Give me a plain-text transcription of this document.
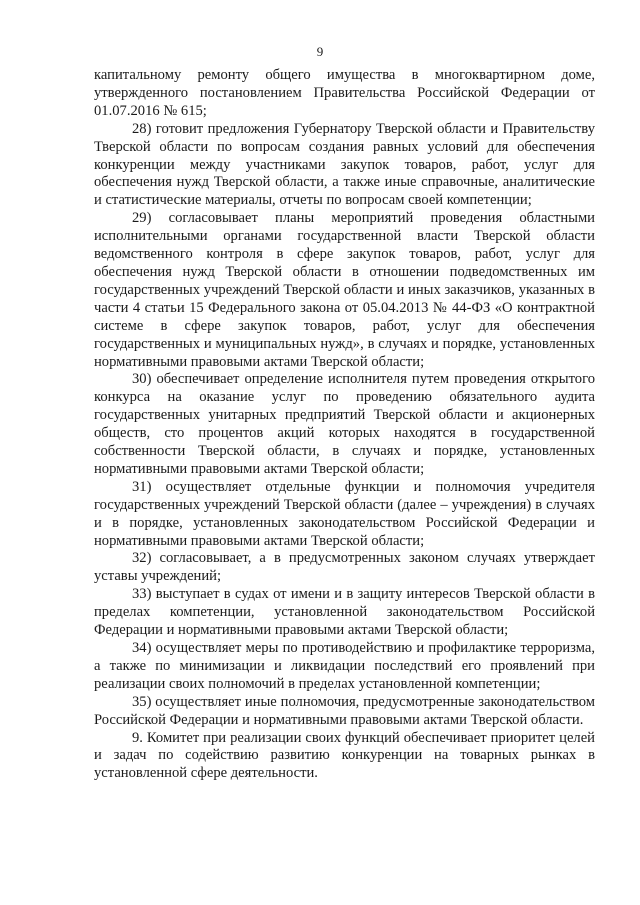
9

капитальному ремонту общего имущества в многоквартирном доме, утвержденного постановлением Правительства Российской Федерации от 01.07.2016 № 615;

28) готовит предложения Губернатору Тверской области и Правительству Тверской области по вопросам создания равных условий для обеспечения конкуренции между участниками закупок товаров, работ, услуг для обеспечения нужд Тверской области, а также иные справочные, аналитические и статистические материалы, отчеты по вопросам своей компетенции;

29) согласовывает планы мероприятий проведения областными исполнительными органами государственной власти Тверской области ведомственного контроля в сфере закупок товаров, работ, услуг для обеспечения нужд Тверской области в отношении подведомственных им государственных учреждений Тверской области и иных заказчиков, указанных в части 4 статьи 15 Федерального закона от 05.04.2013 № 44-ФЗ «О контрактной системе в сфере закупок товаров, работ, услуг для обеспечения государственных и муниципальных нужд», в случаях и порядке, установленных нормативными правовыми актами Тверской области;

30) обеспечивает определение исполнителя путем проведения открытого конкурса на оказание услуг по проведению обязательного аудита государственных унитарных предприятий Тверской области и акционерных обществ, сто процентов акций которых находятся в государственной собственности Тверской области, в случаях и порядке, установленных нормативными правовыми актами Тверской области;

31) осуществляет отдельные функции и полномочия учредителя государственных учреждений Тверской области (далее – учреждения) в случаях и в порядке, установленных законодательством Российской Федерации и нормативными правовыми актами Тверской области;

32) согласовывает, а в предусмотренных законом случаях утверждает уставы учреждений;

33) выступает в судах от имени и в защиту интересов Тверской области в пределах компетенции, установленной законодательством Российской Федерации и нормативными правовыми актами Тверской области;

34) осуществляет меры по противодействию и профилактике терроризма, а также по минимизации и ликвидации последствий его проявлений при реализации своих полномочий в пределах установленной компетенции;

35) осуществляет иные полномочия, предусмотренные законодательством Российской Федерации и нормативными правовыми актами Тверской области.

9. Комитет при реализации своих функций обеспечивает приоритет целей и задач по содействию развитию конкуренции на товарных рынках в установленной сфере деятельности.
